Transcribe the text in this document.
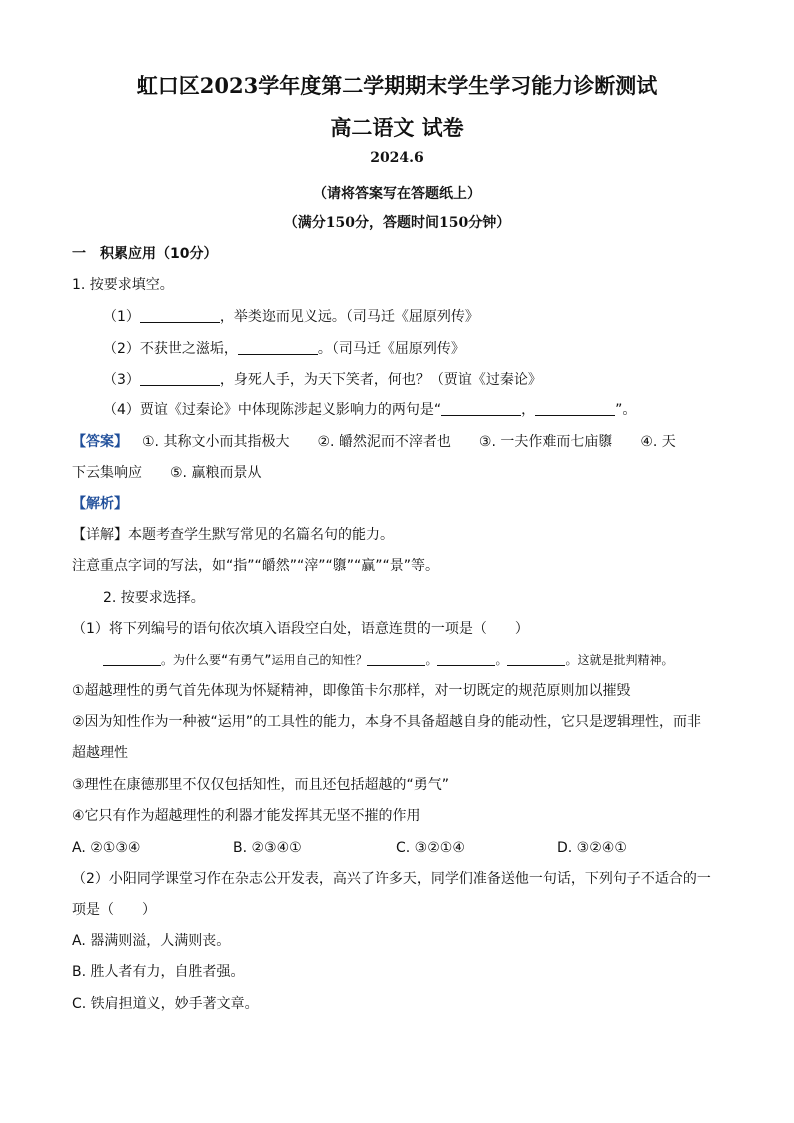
虹口区2023学年度第二学期期末学生学习能力诊断测试
高二语文 试卷
2024.6
（请将答案写在答题纸上）
（满分150分，答题时间150分钟）
一　积累应用（10分）
1. 按要求填空。
（1）	，举类迩而见义远。（司马迁《屈原列传》
（2）不获世之滋垢，	。（司马迁《屈原列传》
（3）	，身死人手，为天下笑者，何也？（贾谊《过秦论》
（4）贾谊《过秦论》中体现陈涉起义影响力的两句是“	，	”。
【答案】 ①. 其称文小而其指极大　　②. 皭然泥而不滓者也　　③. 一夫作难而七庙隳　　④. 天
下云集响应　　⑤. 赢粮而景从
【解析】
【详解】本题考查学生默写常见的名篇名句的能力。
注意重点字词的写法，如“指”“皭然”“滓”“隳”“赢”“景”等。
2. 按要求选择。
（1）将下列编号的语句依次填入语段空白处，语意连贯的一项是（　　）
。为什么要“有勇气”运用自己的知性？	。	。	。这就是批判精神。
①超越理性的勇气首先体现为怀疑精神，即像笛卡尔那样，对一切既定的规范原则加以摧毁
②因为知性作为一种被“运用”的工具性的能力，本身不具备超越自身的能动性，它只是逻辑理性，而非
超越理性
③理性在康德那里不仅仅包括知性，而且还包括超越的“勇气”
④它只有作为超越理性的利器才能发挥其无坚不摧的作用
A. ②①③④	B. ②③④①	C. ③②①④	D. ③②④①
（2）小阳同学课堂习作在杂志公开发表，高兴了许多天，同学们准备送他一句话，下列句子不适合的一
项是（　　）
A. 器满则溢，人满则丧。
B. 胜人者有力，自胜者强。
C. 铁肩担道义，妙手著文章。
